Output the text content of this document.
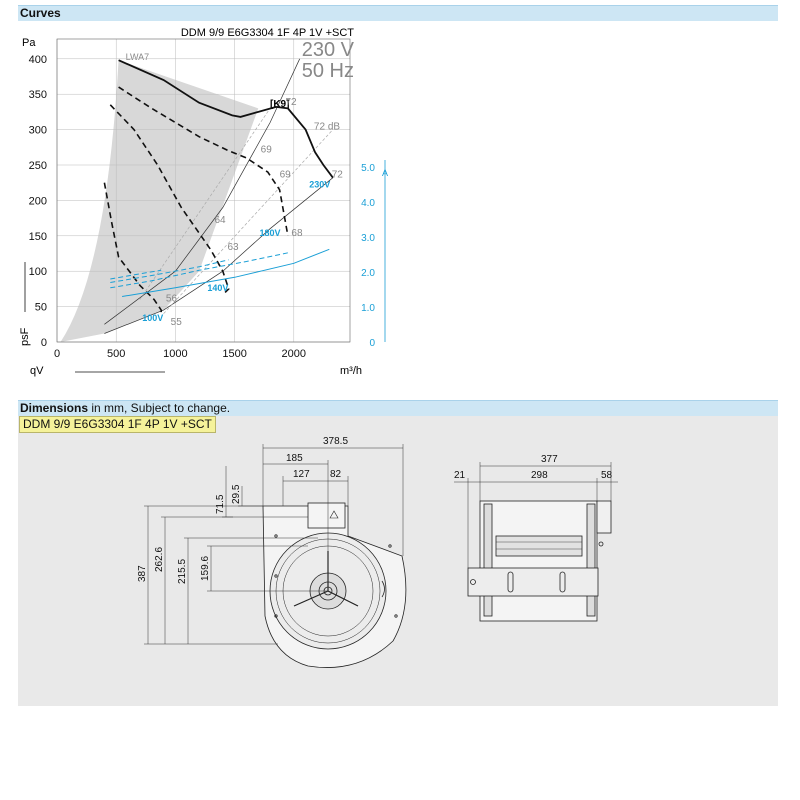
Curves
LWA7
0	500	1000	1500	2000
0
50
100
150
200
250
300
350
400
Pa
m³/h
psF
qV
0
1.0
2.0
3.0
4.0
5.0 A
DDM 9/9 E6G3304 1F 4P 1V +SCT
230 V
50 Hz
[K9]
72
72 dB
72
69
69
68
64
63
56
55
230V
180V
140V
100V
Dimensions in mm, Subject to change.
378.5
185
127 82
71.5
29.5
387
262.6 215.5 159.6
377
21	298	58
DDM 9/9 E6G3304 1F 4P 1V +SCT
